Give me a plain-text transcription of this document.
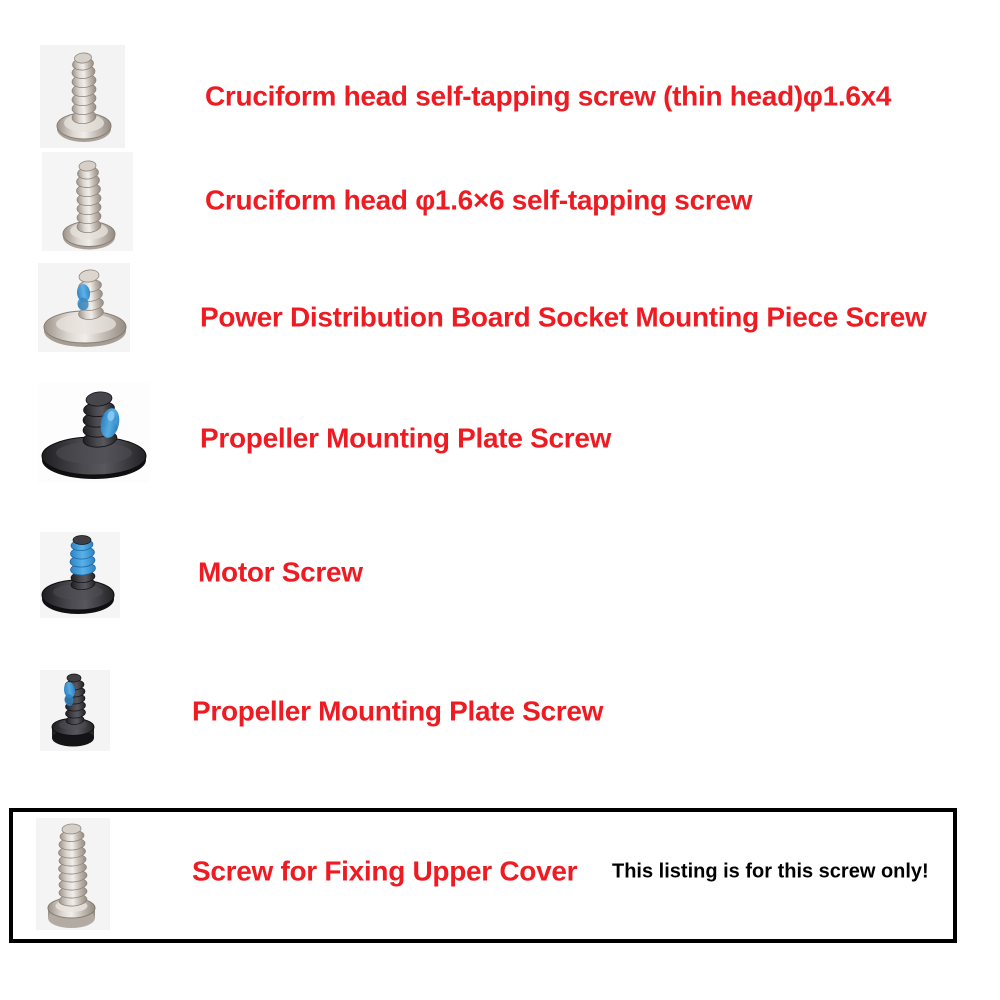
Cruciform head self-tapping screw (thin head)φ1.6x4
Cruciform head φ1.6×6 self-tapping screw
Power Distribution Board Socket Mounting Piece Screw
Propeller Mounting Plate Screw
Motor Screw
Propeller Mounting Plate Screw
Screw for Fixing Upper Cover This listing is for this screw only!
